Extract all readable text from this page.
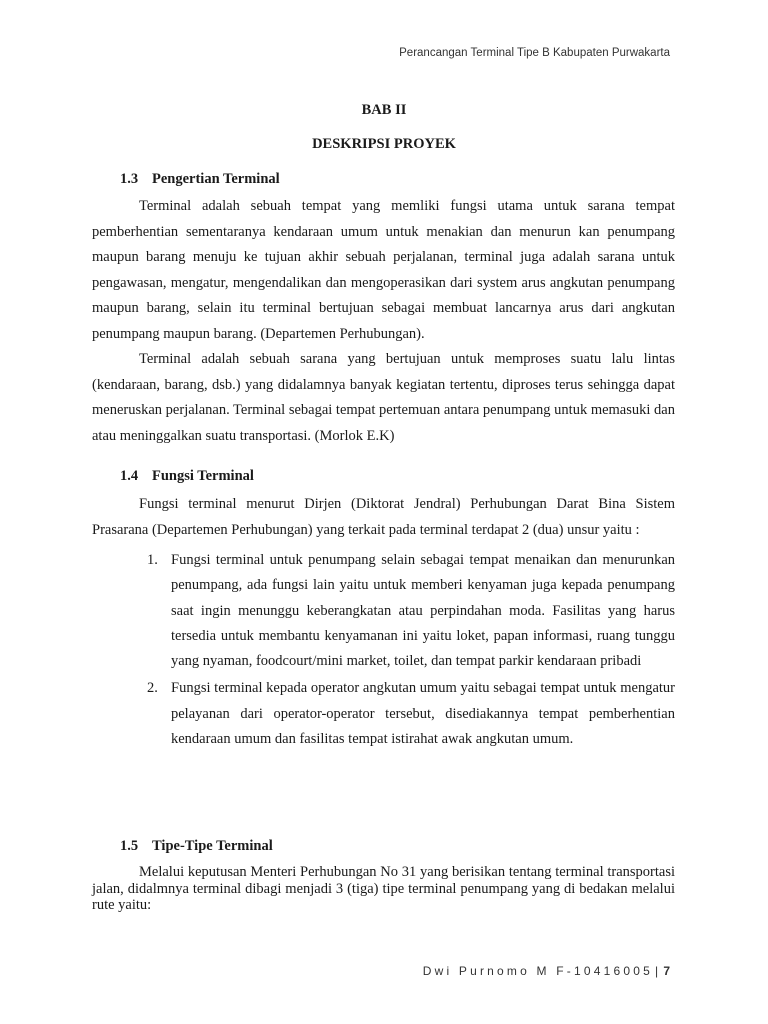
Perancangan Terminal Tipe B Kabupaten Purwakarta
BAB II
DESKRIPSI PROYEK
1.3 Pengertian Terminal

Terminal adalah sebuah tempat yang memliki fungsi utama untuk sarana tempat pemberhentian sementaranya kendaraan umum untuk menakian dan menurun kan penumpang maupun barang menuju ke tujuan akhir sebuah perjalanan, terminal juga adalah sarana untuk pengawasan, mengatur, mengendalikan dan mengoperasikan dari system arus angkutan penumpang maupun barang, selain itu terminal bertujuan sebagai membuat lancarnya arus dari angkutan penumpang maupun barang. (Departemen Perhubungan).

Terminal adalah sebuah sarana yang bertujuan untuk memproses suatu lalu lintas (kendaraan, barang, dsb.) yang didalamnya banyak kegiatan tertentu, diproses terus sehingga dapat meneruskan perjalanan. Terminal sebagai tempat pertemuan antara penumpang untuk memasuki dan atau meninggalkan suatu transportasi. (Morlok E.K)

1.4 Fungsi Terminal

Fungsi terminal menurut Dirjen (Diktorat Jendral) Perhubungan Darat Bina Sistem Prasarana (Departemen Perhubungan) yang terkait pada terminal terdapat 2 (dua) unsur yaitu :

1. Fungsi terminal untuk penumpang selain sebagai tempat menaikan dan menurunkan penumpang, ada fungsi lain yaitu untuk memberi kenyaman juga kepada penumpang saat ingin menunggu keberangkatan atau perpindahan moda. Fasilitas yang harus tersedia untuk membantu kenyamanan ini yaitu loket, papan informasi, ruang tunggu yang nyaman, foodcourt/mini market, toilet, dan tempat parkir kendaraan pribadi
2. Fungsi terminal kepada operator angkutan umum yaitu sebagai tempat untuk mengatur pelayanan dari operator-operator tersebut, disediakannya tempat pemberhentian kendaraan umum dan fasilitas tempat istirahat awak angkutan umum.
1.5 Tipe-Tipe Terminal

Melalui keputusan Menteri Perhubungan No 31 yang berisikan tentang terminal transportasi jalan, didalmnya terminal dibagi menjadi 3 (tiga) tipe terminal penumpang yang di bedakan melalui rute yaitu:

Dwi Purnomo M F-10416005 | 7
